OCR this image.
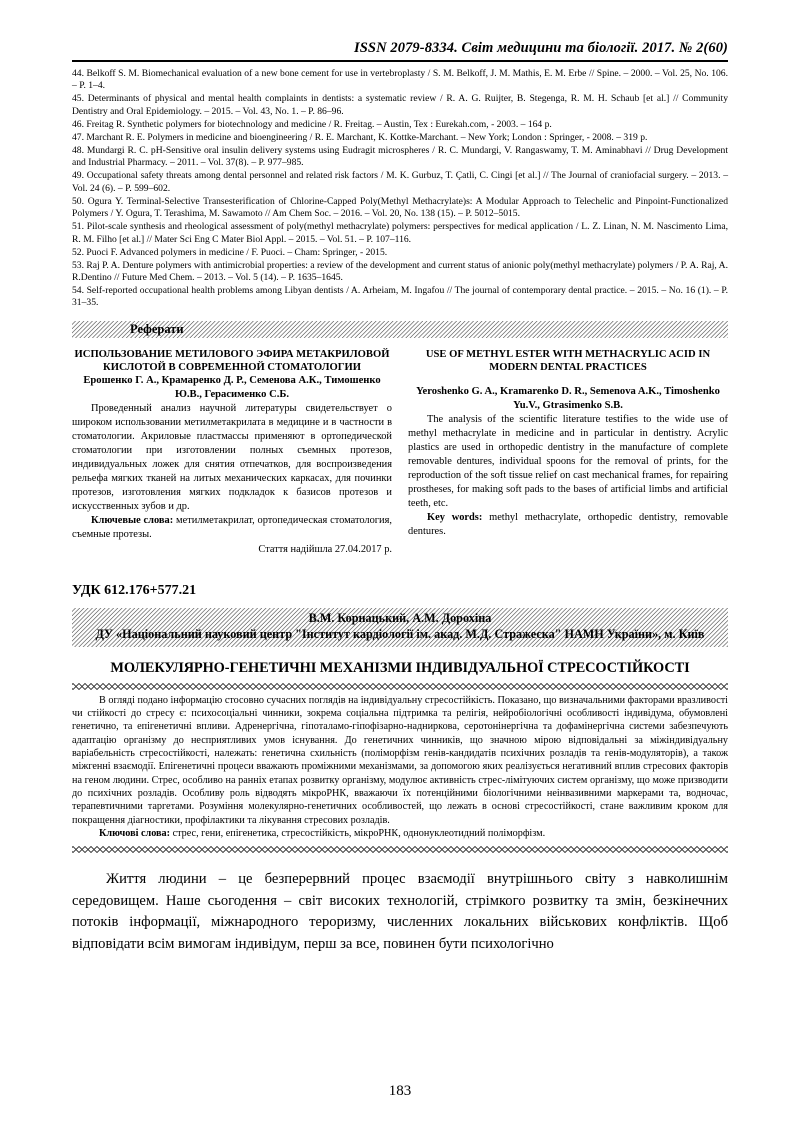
ISSN 2079-8334. Світ медицини та біології. 2017. № 2(60)

44. Belkoff S. M. Biomechanical evaluation of a new bone cement for use in vertebroplasty / S. M. Belkoff, J. M. Mathis, E. M. Erbe // Spine. – 2000. – Vol. 25, No. 106. – P. 1–4.

45. Determinants of physical and mental health complaints in dentists: a systematic review / R. A. G. Ruijter, B. Stegenga, R. M. H. Schaub [et al.] // Community Dentistry and Oral Epidemiology. – 2015. – Vol. 43, No. 1. – P. 86–96.

46. Freitag R. Synthetic polymers for biotechnology and medicine / R. Freitag. – Austin, Tex : Eurekah.com, - 2003. – 164 p.

47. Marchant R. E. Polymers in medicine and bioengineering / R. E. Marchant, K. Kottke-Marchant. – New York; London : Springer, - 2008. – 319 p.

48. Mundargi R. C. pH-Sensitive oral insulin delivery systems using Eudragit microspheres / R. C. Mundargi, V. Rangaswamy, T. M. Aminabhavi // Drug Development and Industrial Pharmacy. – 2011. – Vol. 37(8). – P. 977–985.

49. Occupational safety threats among dental personnel and related risk factors / M. K. Gurbuz, T. Çatli, C. Cingi [et al.] // The Journal of craniofacial surgery. – 2013. – Vol. 24 (6). – P. 599–602.

50. Ogura Y. Terminal-Selective Transesterification of Chlorine-Capped Poly(Methyl Methacrylate)s: A Modular Approach to Telechelic and Pinpoint-Functionalized Polymers / Y. Ogura, T. Terashima, M. Sawamoto // Am Chem Soc. – 2016. – Vol. 20, No. 138 (15). – P. 5012–5015.

51. Pilot-scale synthesis and rheological assessment of poly(methyl methacrylate) polymers: perspectives for medical application / L. Z. Linan, N. M. Nascimento Lima, R. M. Filho [et al.] // Mater Sci Eng C Mater Biol Appl. – 2015. – Vol. 51. – P. 107–116.

52. Puoci F. Advanced polymers in medicine / F. Puoci. – Cham: Springer, - 2015.

53. Raj P. A. Denture polymers with antimicrobial properties: a review of the development and current status of anionic poly(methyl methacrylate) polymers / P. A. Raj, A. R.Dentino // Future Med Chem. – 2013. – Vol. 5 (14). – P. 1635–1645.

54. Self-reported occupational health problems among Libyan dentists / A. Arheiam, M. Ingafou // The journal of contemporary dental practice. – 2015. – No. 16 (1). – P. 31–35.

Реферати
ИСПОЛЬЗОВАНИЕ МЕТИЛОВОГО ЭФИРА МЕТАКРИЛОВОЙ КИСЛОТОЙ В СОВРЕМЕННОЙ СТОМАТОЛОГИИ
Ерошенко Г. А., Крамаренко Д. Р., Семенова А.К., Тимошенко Ю.В., Герасименко С.Б.

Проведенный анализ научной литературы свидетельствует о широком использовании метилметакрилата в медицине и в частности в стоматологии. Акриловые пластмассы применяют в ортопедической стоматологии при изготовлении полных съемных протезов, индивидуальных ложек для снятия отпечатков, для воспроизведения рельефа мягких тканей на литых механических каркасах, для починки протезов, изготовления мягких подкладок к базисов протезов и искусственных зубов и др.

Ключевые слова: метилметакрилат, ортопедическая стоматология, съемные протезы.
Стаття надійшла 27.04.2017 р.
USE OF METHYL ESTER WITH METHACRYLIC ACID IN MODERN DENTAL PRACTICES
Yeroshenko G. A., Kramarenko D. R., Semenova A.K., Timoshenko Yu.V., Gtrasimenko S.B.

The analysis of the scientific literature testifies to the wide use of methyl methacrylate in medicine and in particular in dentistry. Acrylic plastics are used in orthopedic dentistry in the manufacture of complete removable dentures, individual spoons for the removal of prints, for the reproduction of the soft tissue relief on cast mechanical frames, for repairing prostheses, for making soft pads to the bases of artificial limbs and artificial teeth, etc.

Key words: methyl methacrylate, orthopedic dentistry, removable dentures.
УДК 612.176+577.21
В.М. Корнацький, А.М. Дорохіна
ДУ «Національний науковий центр "Інститут кардіології ім. акад. М.Д. Стражеска" НАМН України», м. Київ
МОЛЕКУЛЯРНО-ГЕНЕТИЧНІ МЕХАНІЗМИ ІНДИВІДУАЛЬНОЇ СТРЕСОСТІЙКОСТІ

В огляді подано інформацію стосовно сучасних поглядів на індивідуальну стресостійкість. Показано, що визначальними факторами вразливості чи стійкості до стресу є: психосоціальні чинники, зокрема соціальна підтримка та релігія, нейробіологічні особливості індивідума, обумовлені генетично, та епігенетичні впливи. Адренергічна, гіпоталамо-гіпофізарно-надниркова, серотонінергічна та дофамінергічна системи забезпечують адаптацію організму до несприятливих умов існування. До генетичних чинників, що значною мірою відповідальні за міжіндивідуальну варіабельність стресостійкості, належать: генетична схильність (поліморфізм генів-кандидатів психічних розладів та генів-модуляторів), а також міжгенні взаємодії. Епігенетичні процеси вважають проміжними механізмами, за допомогою яких реалізується негативний вплив стресових факторів на геном людини. Стрес, особливо на ранніх етапах розвитку організму, модулює активність стрес-лімітуючих систем організму, що може призводити до психічних розладів. Особливу роль відводять мікроРНК, вважаючи їх потенційними біологічними неінвазивними маркерами та, водночас, терапевтичними таргетами. Розуміння молекулярно-генетичних особливостей, що лежать в основі стресостійкості, стане важливим кроком для покращення діагностики, профілактики та лікування стресових розладів.

Ключові слова: стрес, гени, епігенетика, стресостійкість, мікроРНК, однонуклеотидний поліморфізм.

Життя людини – це безперервний процес взаємодії внутрішнього світу з навколишнім середовищем. Наше сьогодення – світ високих технологій, стрімкого розвитку та змін, безкінечних потоків інформації, міжнародного тероризму, численних локальних військових конфліктів. Щоб відповідати всім вимогам індивідум, перш за все, повинен бути психологічно

183
